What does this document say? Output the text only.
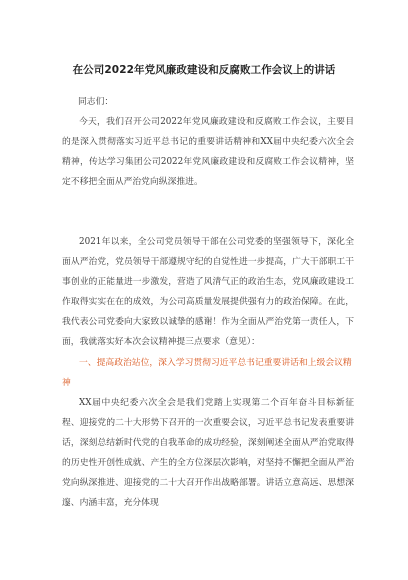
在公司2022年党风廉政建设和反腐败工作会议上的讲话
同志们：
今天，我们召开公司2022年党风廉政建设和反腐败工作会议，主要目的是深入贯彻落实习近平总书记的重要讲话精神和XX届中央纪委六次全会精神，传达学习集团公司2022年党风廉政建设和反腐败工作会议精神，坚定不移把全面从严治党向纵深推进。
2021年以来，全公司党员领导干部在公司党委的坚强领导下，深化全面从严治党，党员领导干部遵规守纪的自觉性进一步提高，广大干部职工干事创业的正能量进一步激发，营造了风清气正的政治生态，党风廉政建设工作取得实实在在的成效，为公司高质量发展提供强有力的政治保障。在此，我代表公司党委向大家致以诚挚的感谢！作为全面从严治党第一责任人，下面，我就落实好本次会议精神提三点要求（意见）：
一、提高政治站位，深入学习贯彻习近平总书记重要讲话和上级会议精神
XX届中央纪委六次全会是我们党踏上实现第二个百年奋斗目标新征程、迎接党的二十大形势下召开的一次重要会议，习近平总书记发表重要讲话，深刻总结新时代党的自我革命的成功经验，深刻阐述全面从严治党取得的历史性开创性成就、产生的全方位深层次影响，对坚持不懈把全面从严治党向纵深推进、迎接党的二十大召开作出战略部署。讲话立意高远、思想深邃、内涵丰富，充分体现
